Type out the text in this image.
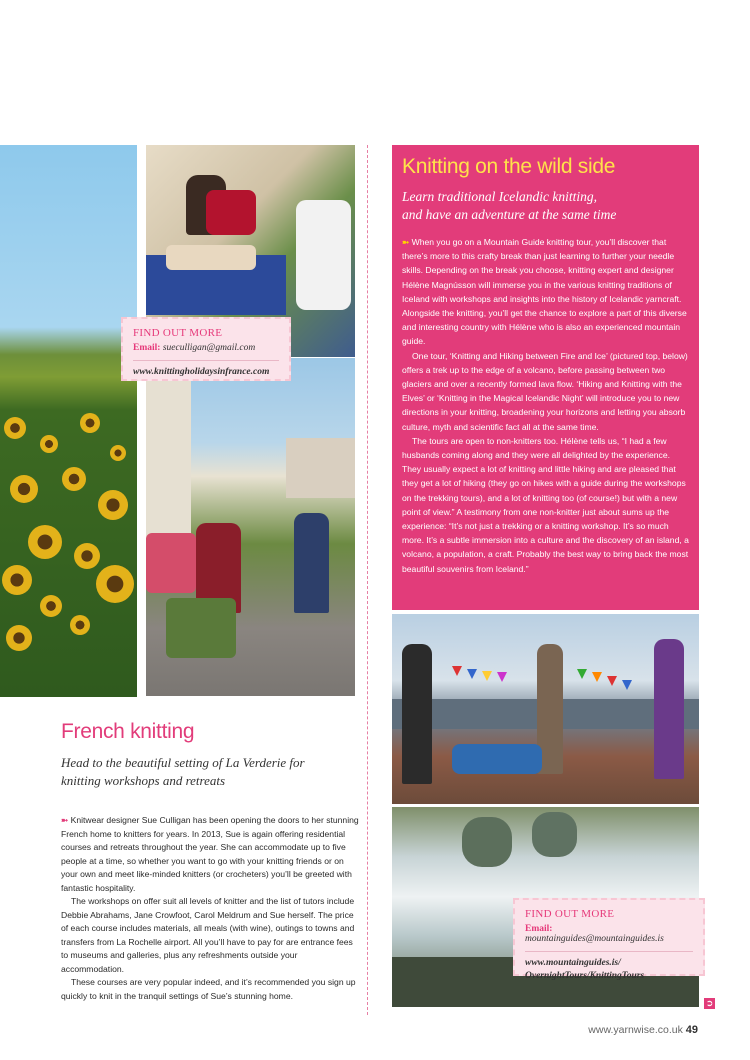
FIND OUT MORE
Email: sueculligan@gmail.com
www.knittingholidaysinfrance.com
FIND OUT MORE
Email: mountainguides@mountainguides.is
www.mountainguides.is/
OvernightTours/KnittingTours
Knitting on the wild side
Learn traditional Icelandic knitting,
and have an adventure at the same time

➼ When you go on a Mountain Guide knitting tour, you’ll discover that there’s more to this crafty break than just learning to further your needle skills. Depending on the break you choose, knitting expert and designer Hélène Magnússon will immerse you in the various knitting traditions of Iceland with workshops and insights into the history of Icelandic yarncraft. Alongside the knitting, you’ll get the chance to explore a part of this diverse and interesting country with Hélène who is also an experienced mountain guide.

One tour, ‘Knitting and Hiking between Fire and Ice’ (pictured top, below) offers a trek up to the edge of a volcano, before passing between two glaciers and over a recently formed lava flow. ‘Hiking and Knitting with the Elves’ or ‘Knitting in the Magical Icelandic Night’ will introduce you to new directions in your knitting, broadening your horizons and letting you absorb culture, myth and scientific fact all at the same time.

The tours are open to non-knitters too. Hélène tells us, “I had a few husbands coming along and they were all delighted by the experience. They usually expect a lot of knitting and little hiking and are pleased that they get a lot of hiking (they go on hikes with a guide during the workshops on the trekking tours), and a lot of knitting too (of course!) but with a new point of view.” A testimony from one non-knitter just about sums up the experience: “It’s not just a trekking or a knitting workshop. It’s so much more. It’s a subtle immersion into a culture and the discovery of an island, a volcano, a population, a craft. Probably the best way to bring back the most beautiful souvenirs from Iceland.”

French knitting
Head to the beautiful setting of La Verderie for
knitting workshops and retreats

➼ Knitwear designer Sue Culligan has been opening the doors to her stunning French home to knitters for years. In 2013, Sue is again offering residential courses and retreats throughout the year. She can accommodate up to five people at a time, so whether you want to go with your knitting friends or on your own and meet like-minded knitters (or crocheters) you’ll be greeted with fantastic hospitality.

The workshops on offer suit all levels of knitter and the list of tutors include Debbie Abrahams, Jane Crowfoot, Carol Meldrum and Sue herself. The price of each course includes materials, all meals (with wine), outings to towns and transfers from La Rochelle airport. All you’ll have to pay for are entrance fees to museums and galleries, plus any refreshments outside your accommodation.

These courses are very popular indeed, and it’s recommended you sign up quickly to knit in the tranquil settings of Sue’s stunning home.

➲
www.yarnwise.co.uk 49
